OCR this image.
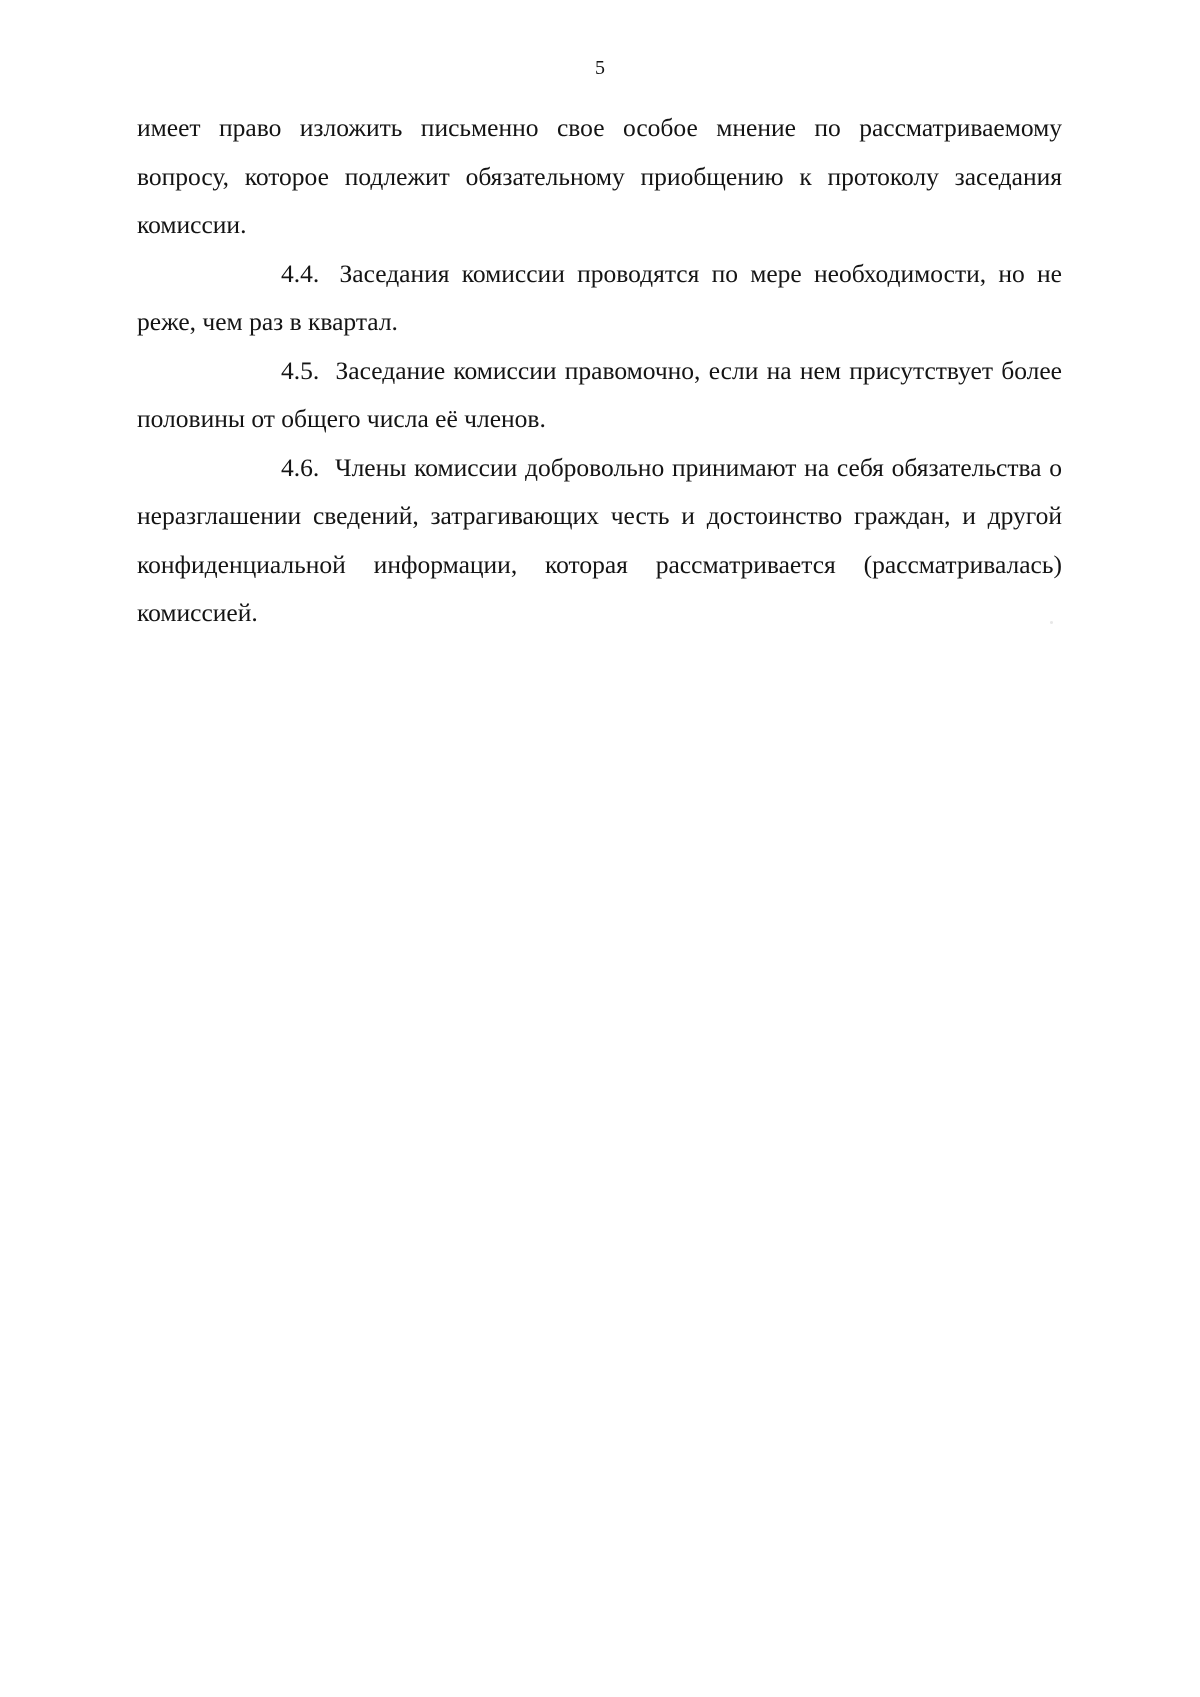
5

имеет право изложить письменно свое особое мнение по рассматриваемому вопросу, которое подлежит обязательному приобщению к протоколу заседания комиссии.

4.4. Заседания комиссии проводятся по мере необходимости, но не реже, чем раз в квартал.

4.5. Заседание комиссии правомочно, если на нем присутствует более половины от общего числа её членов.

4.6. Члены комиссии добровольно принимают на себя обязательства о неразглашении сведений, затрагивающих честь и достоинство граждан, и другой конфиденциальной информации, которая рассматривается (рассматривалась) комиссией.
